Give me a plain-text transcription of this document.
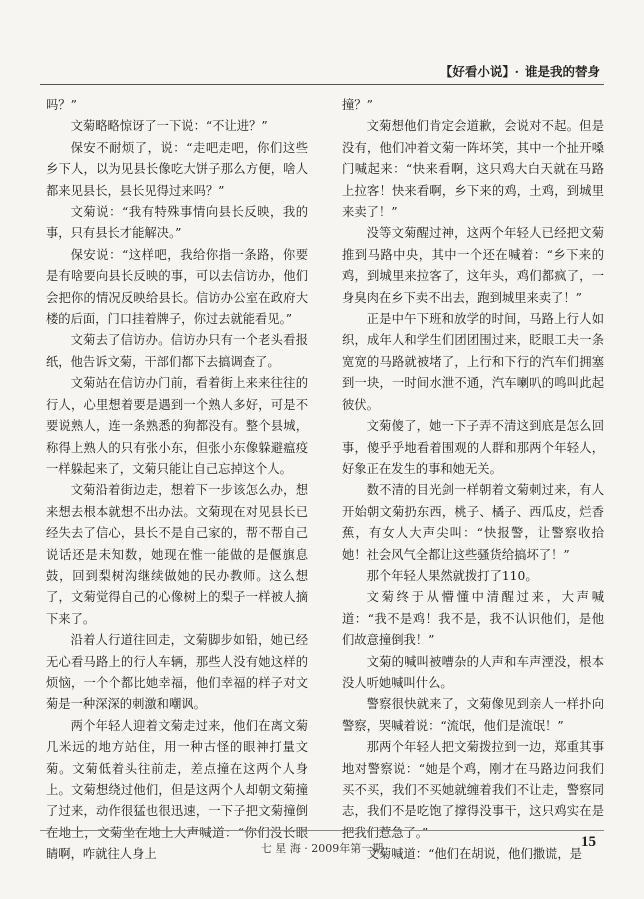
【好看小说】 · 谁是我的替身

吗？”

文菊略略惊讶了一下说：“不让进？”

保安不耐烦了，说：“走吧走吧，你们这些乡下人，以为见县长像吃大饼子那么方便，啥人都来见县长，县长见得过来吗？”

文菊说：“我有特殊事情向县长反映，我的事，只有县长才能解决。”

保安说：“这样吧，我给你指一条路，你要是有啥要向县长反映的事，可以去信访办，他们会把你的情况反映给县长。信访办公室在政府大楼的后面，门口挂着牌子，你过去就能看见。”

文菊去了信访办。信访办只有一个老头看报纸，他告诉文菊，干部们都下去搞调查了。

文菊站在信访办门前，看着街上来来往往的行人，心里想着要是遇到一个熟人多好，可是不要说熟人，连一条熟悉的狗都没有。整个县城，称得上熟人的只有张小东，但张小东像躲避瘟疫一样躲起来了，文菊只能让自己忘掉这个人。

文菊沿着街边走，想着下一步该怎么办，想来想去根本就想不出办法。文菊现在对见县长已经失去了信心，县长不是自己家的，帮不帮自己说话还是未知数，她现在惟一能做的是偃旗息鼓，回到梨树沟继续做她的民办教师。这么想了，文菊觉得自己的心像树上的梨子一样被人摘下来了。

沿着人行道往回走，文菊脚步如铅，她已经无心看马路上的行人车辆，那些人没有她这样的烦恼，一个个都比她幸福，他们幸福的样子对文菊是一种深深的刺激和嘲讽。

两个年轻人迎着文菊走过来，他们在离文菊几米远的地方站住，用一种古怪的眼神打量文菊。文菊低着头往前走，差点撞在这两个人身上。文菊想绕过他们，但是这两个人却朝文菊撞了过来，动作很猛也很迅速，一下子把文菊撞倒在地上，文菊坐在地上大声喊道：“你们没长眼睛啊，咋就往人身上

撞？”

文菊想他们肯定会道歉，会说对不起。但是没有，他们冲着文菊一阵坏笑，其中一个扯开嗓门喊起来：“快来看啊，这只鸡大白天就在马路上拉客！快来看啊，乡下来的鸡，土鸡，到城里来卖了！”

没等文菊醒过神，这两个年轻人已经把文菊推到马路中央，其中一个还在喊着：“乡下来的鸡，到城里来拉客了，这年头，鸡们都疯了，一身臭肉在乡下卖不出去，跑到城里来卖了！”

正是中午下班和放学的时间，马路上行人如织，成年人和学生们团团围过来，眨眼工夫一条宽宽的马路就被堵了，上行和下行的汽车们拥塞到一块，一时间水泄不通，汽车喇叭的鸣叫此起彼伏。

文菊傻了，她一下子弄不清这到底是怎么回事，傻乎乎地看着围观的人群和那两个年轻人，好象正在发生的事和她无关。

数不清的目光剑一样朝着文菊刺过来，有人开始朝文菊扔东西，桃子、橘子、西瓜皮，烂香蕉，有女人大声尖叫：“快报警，让警察收拾她！社会风气全都让这些骚货给搞坏了！”

那个年轻人果然就拨打了110。

文菊终于从懵懂中清醒过来，大声喊道：“我不是鸡！我不是，我不认识他们，是他们故意撞倒我！”

文菊的喊叫被嘈杂的人声和车声湮没，根本没人听她喊叫什么。

警察很快就来了，文菊像见到亲人一样扑向警察，哭喊着说：“流氓，他们是流氓！”

那两个年轻人把文菊拨拉到一边，郑重其事地对警察说：“她是个鸡，刚才在马路边问我们买不买，我们不买她就缠着我们不让走，警察同志，我们不是吃饱了撑得没事干，这只鸡实在是把我们惹急了。”

文菊喊道：“他们在胡说，他们撒谎，是

七 星 海 · 2009年第一期	15
